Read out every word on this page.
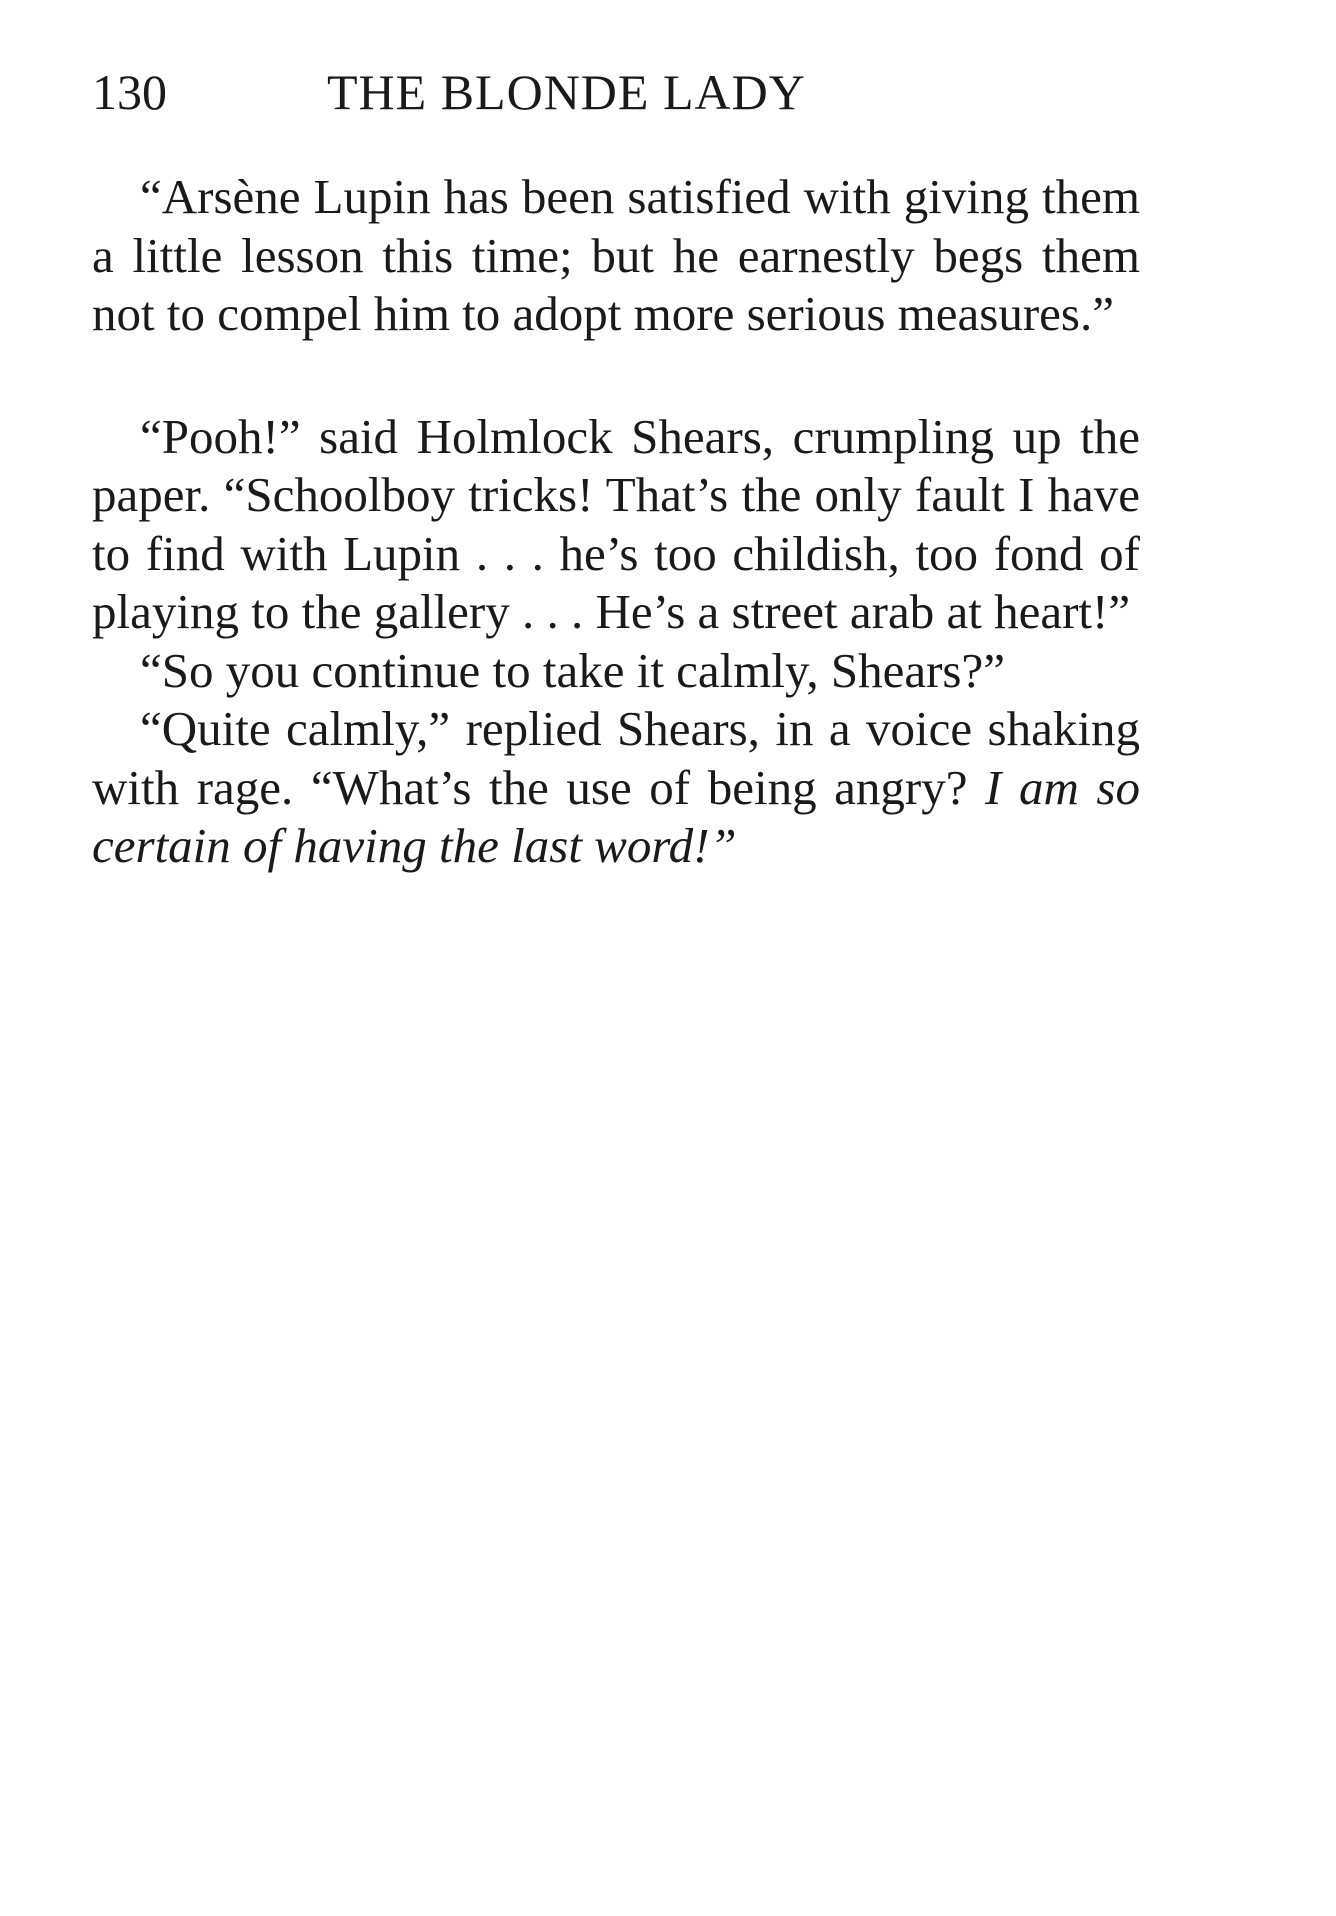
130	THE BLONDE LADY

“Arsène Lupin has been satisfied with giving them a little lesson this time; but he earnestly begs them not to compel him to adopt more serious measures.”

“Pooh!” said Holmlock Shears, crumpling up the paper. “Schoolboy tricks! That’s the only fault I have to find with Lupin . . . he’s too childish, too fond of playing to the gallery . . . He’s a street arab at heart!”

“So you continue to take it calmly, Shears?”

“Quite calmly,” replied Shears, in a voice shaking with rage. “What’s the use of being angry? I am so certain of having the last word!”
